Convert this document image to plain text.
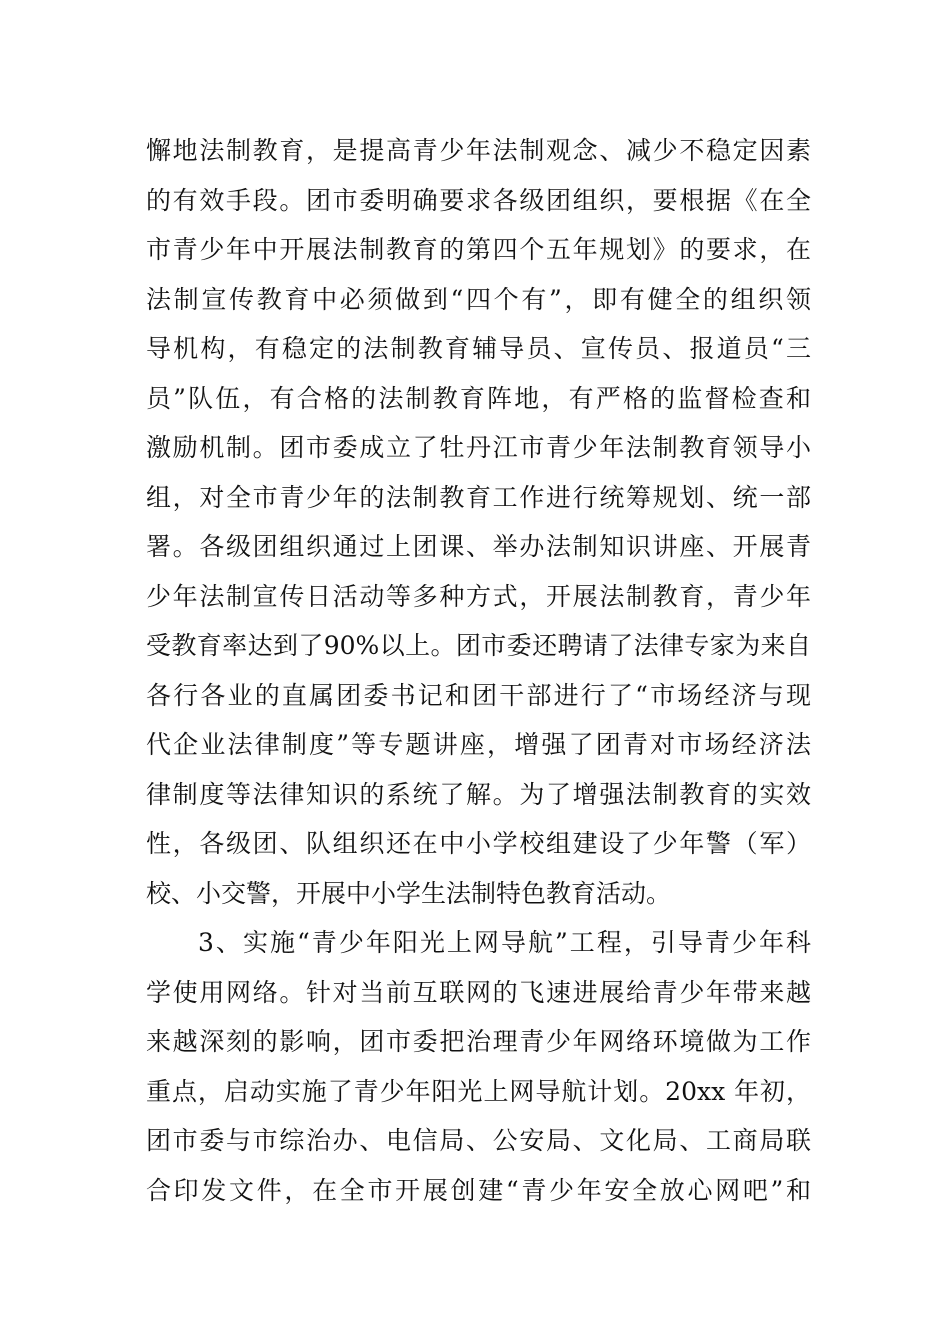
懈地法制教育，是提高青少年法制观念、减少不稳定因素
的有效手段。团市委明确要求各级团组织，要根据《在全
市青少年中开展法制教育的第四个五年规划》的要求，在
法制宣传教育中必须做到“四个有”，即有健全的组织领
导机构，有稳定的法制教育辅导员、宣传员、报道员“三
员”队伍，有合格的法制教育阵地，有严格的监督检查和
激励机制。团市委成立了牡丹江市青少年法制教育领导小
组，对全市青少年的法制教育工作进行统筹规划、统一部
署。各级团组织通过上团课、举办法制知识讲座、开展青
少年法制宣传日活动等多种方式，开展法制教育，青少年
受教育率达到了90%以上。团市委还聘请了法律专家为来自
各行各业的直属团委书记和团干部进行了“市场经济与现
代企业法律制度”等专题讲座，增强了团青对市场经济法
律制度等法律知识的系统了解。为了增强法制教育的实效
性，各级团、队组织还在中小学校组建设了少年警（军）
校、小交警，开展中小学生法制特色教育活动。
3、实施“青少年阳光上网导航”工程，引导青少年科
学使用网络。针对当前互联网的飞速进展给青少年带来越
来越深刻的影响，团市委把治理青少年网络环境做为工作
重点，启动实施了青少年阳光上网导航计划。20xx 年初，
团市委与市综治办、电信局、公安局、文化局、工商局联
合印发文件，在全市开展创建“青少年安全放心网吧”和
